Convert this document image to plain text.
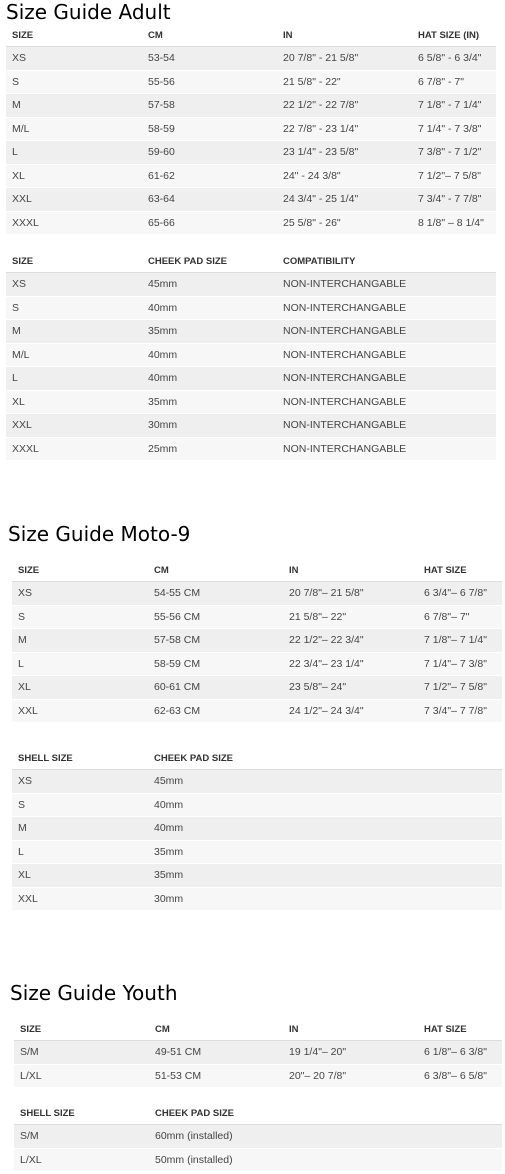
Size Guide Adult
SIZE	CM	IN	HAT SIZE (IN)
XS	53-54	20 7/8" - 21 5/8"	6 5/8" - 6 3/4"
S	55-56	21 5/8" - 22"	6 7/8" - 7"
M	57-58	22 1/2" - 22 7/8"	7 1/8" - 7 1/4"
M/L	58-59	22 7/8" - 23 1/4"	7 1/4" - 7 3/8"
L	59-60	23 1/4" - 23 5/8"	7 3/8" - 7 1/2"
XL	61-62	24" - 24 3/8"	7 1/2"– 7 5/8"
XXL	63-64	24 3/4" - 25 1/4"	7 3/4" - 7 7/8"
XXXL	65-66	25 5/8" - 26"	8 1/8" – 8 1/4"
SIZE	CHEEK PAD SIZE	COMPATIBILITY
XS	45mm	NON-INTERCHANGABLE
S	40mm	NON-INTERCHANGABLE
M	35mm	NON-INTERCHANGABLE
M/L	40mm	NON-INTERCHANGABLE
L	40mm	NON-INTERCHANGABLE
XL	35mm	NON-INTERCHANGABLE
XXL	30mm	NON-INTERCHANGABLE
XXXL	25mm	NON-INTERCHANGABLE
Size Guide Moto-9
SIZE	CM	IN	HAT SIZE
XS	54-55 CM	20 7/8"– 21 5/8"	6 3/4"– 6 7/8"
S	55-56 CM	21 5/8"– 22"	6 7/8"– 7"
M	57-58 CM	22 1/2"– 22 3/4"	7 1/8"– 7 1/4"
L	58-59 CM	22 3/4"– 23 1/4"	7 1/4"– 7 3/8"
XL	60-61 CM	23 5/8"– 24"	7 1/2"– 7 5/8"
XXL	62-63 CM	24 1/2"– 24 3/4"	7 3/4"– 7 7/8"
SHELL SIZE	CHEEK PAD SIZE
XS	45mm
S	40mm
M	40mm
L	35mm
XL	35mm
XXL	30mm
Size Guide Youth
SIZE	CM	IN	HAT SIZE
S/M	49-51 CM	19 1/4"– 20"	6 1/8"– 6 3/8"
L/XL	51-53 CM	20"– 20 7/8"	6 3/8"– 6 5/8"
SHELL SIZE	CHEEK PAD SIZE
S/M	60mm (installed)
L/XL	50mm (installed)
